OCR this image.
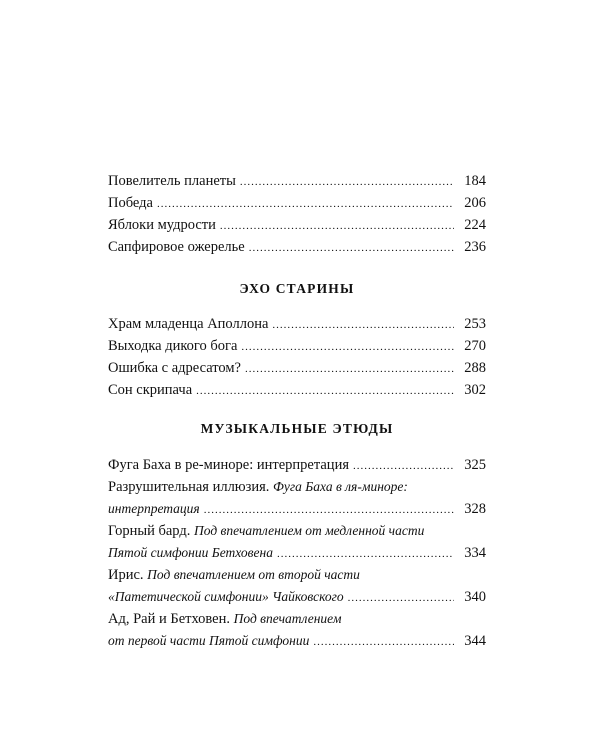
Повелитель планеты .....	184
Победа .....	206
Яблоки мудрости .....	224
Сапфировое ожерелье .....	236
ЭХО СТАРИНЫ
Храм младенца Аполлона .....	253
Выходка дикого бога .....	270
Ошибка с адресатом? .....	288
Сон скрипача .....	302
МУЗЫКАЛЬНЫЕ ЭТЮДЫ
Фуга Баха в ре-миноре: интерпретация .....	325
Разрушительная иллюзия. Фуга Баха в ля-миноре:
интерпретация .....	328
Горный бард. Под впечатлением от медленной части
Пятой симфонии Бетховена .....	334
Ирис. Под впечатлением от второй части
«Патетической симфонии» Чайковского .....	340
Ад, Рай и Бетховен. Под впечатлением
от первой части Пятой симфонии .....	344
